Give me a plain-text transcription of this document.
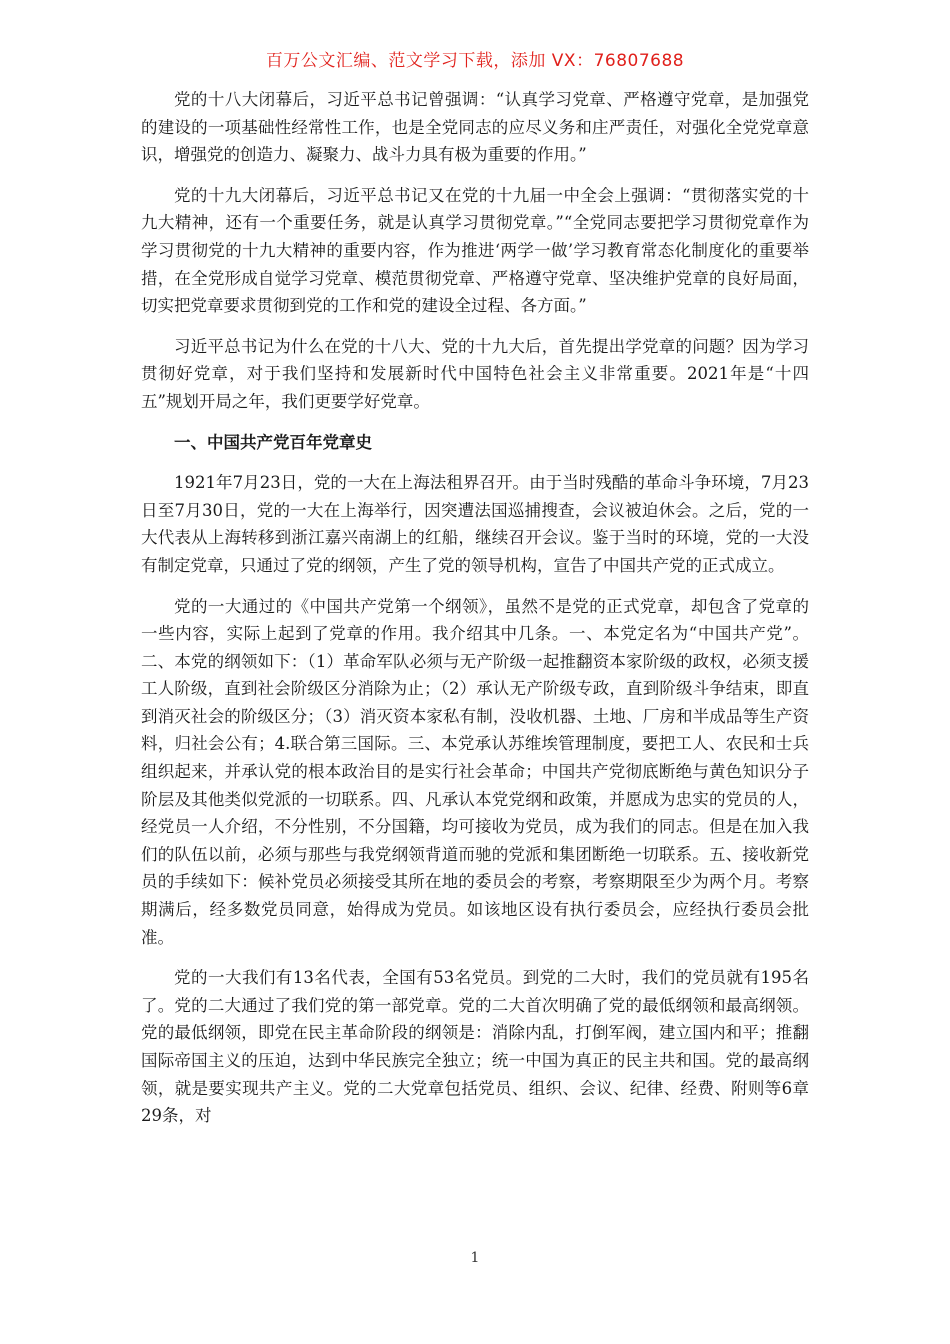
百万公文汇编、范文学习下载，添加 VX：76807688

党的十八大闭幕后，习近平总书记曾强调：“认真学习党章、严格遵守党章，是加强党的建设的一项基础性经常性工作，也是全党同志的应尽义务和庄严责任，对强化全党党章意识，增强党的创造力、凝聚力、战斗力具有极为重要的作用。”

党的十九大闭幕后，习近平总书记又在党的十九届一中全会上强调：“贯彻落实党的十九大精神，还有一个重要任务，就是认真学习贯彻党章。”“全党同志要把学习贯彻党章作为学习贯彻党的十九大精神的重要内容，作为推进‘两学一做’学习教育常态化制度化的重要举措，在全党形成自觉学习党章、模范贯彻党章、严格遵守党章、坚决维护党章的良好局面，切实把党章要求贯彻到党的工作和党的建设全过程、各方面。”

习近平总书记为什么在党的十八大、党的十九大后，首先提出学党章的问题？因为学习贯彻好党章，对于我们坚持和发展新时代中国特色社会主义非常重要。2021年是“十四五”规划开局之年，我们更要学好党章。

一、中国共产党百年党章史

1921年7月23日，党的一大在上海法租界召开。由于当时残酷的革命斗争环境，7月23日至7月30日，党的一大在上海举行，因突遭法国巡捕搜查，会议被迫休会。之后，党的一大代表从上海转移到浙江嘉兴南湖上的红船，继续召开会议。鉴于当时的环境，党的一大没有制定党章，只通过了党的纲领，产生了党的领导机构，宣告了中国共产党的正式成立。

党的一大通过的《中国共产党第一个纲领》，虽然不是党的正式党章，却包含了党章的一些内容，实际上起到了党章的作用。我介绍其中几条。一、本党定名为“中国共产党”。二、本党的纲领如下：（1）革命军队必须与无产阶级一起推翻资本家阶级的政权，必须支援工人阶级，直到社会阶级区分消除为止；（2）承认无产阶级专政，直到阶级斗争结束，即直到消灭社会的阶级区分；（3）消灭资本家私有制，没收机器、土地、厂房和半成品等生产资料，归社会公有；4.联合第三国际。三、本党承认苏维埃管理制度，要把工人、农民和士兵组织起来，并承认党的根本政治目的是实行社会革命；中国共产党彻底断绝与黄色知识分子阶层及其他类似党派的一切联系。四、凡承认本党党纲和政策，并愿成为忠实的党员的人，经党员一人介绍，不分性别，不分国籍，均可接收为党员，成为我们的同志。但是在加入我们的队伍以前，必须与那些与我党纲领背道而驰的党派和集团断绝一切联系。五、接收新党员的手续如下：候补党员必须接受其所在地的委员会的考察，考察期限至少为两个月。考察期满后，经多数党员同意，始得成为党员。如该地区设有执行委员会，应经执行委员会批准。

党的一大我们有13名代表，全国有53名党员。到党的二大时，我们的党员就有195名了。党的二大通过了我们党的第一部党章。党的二大首次明确了党的最低纲领和最高纲领。党的最低纲领，即党在民主革命阶段的纲领是：消除内乱，打倒军阀，建立国内和平；推翻国际帝国主义的压迫，达到中华民族完全独立；统一中国为真正的民主共和国。党的最高纲领，就是要实现共产主义。党的二大党章包括党员、组织、会议、纪律、经费、附则等6章29条，对

1
